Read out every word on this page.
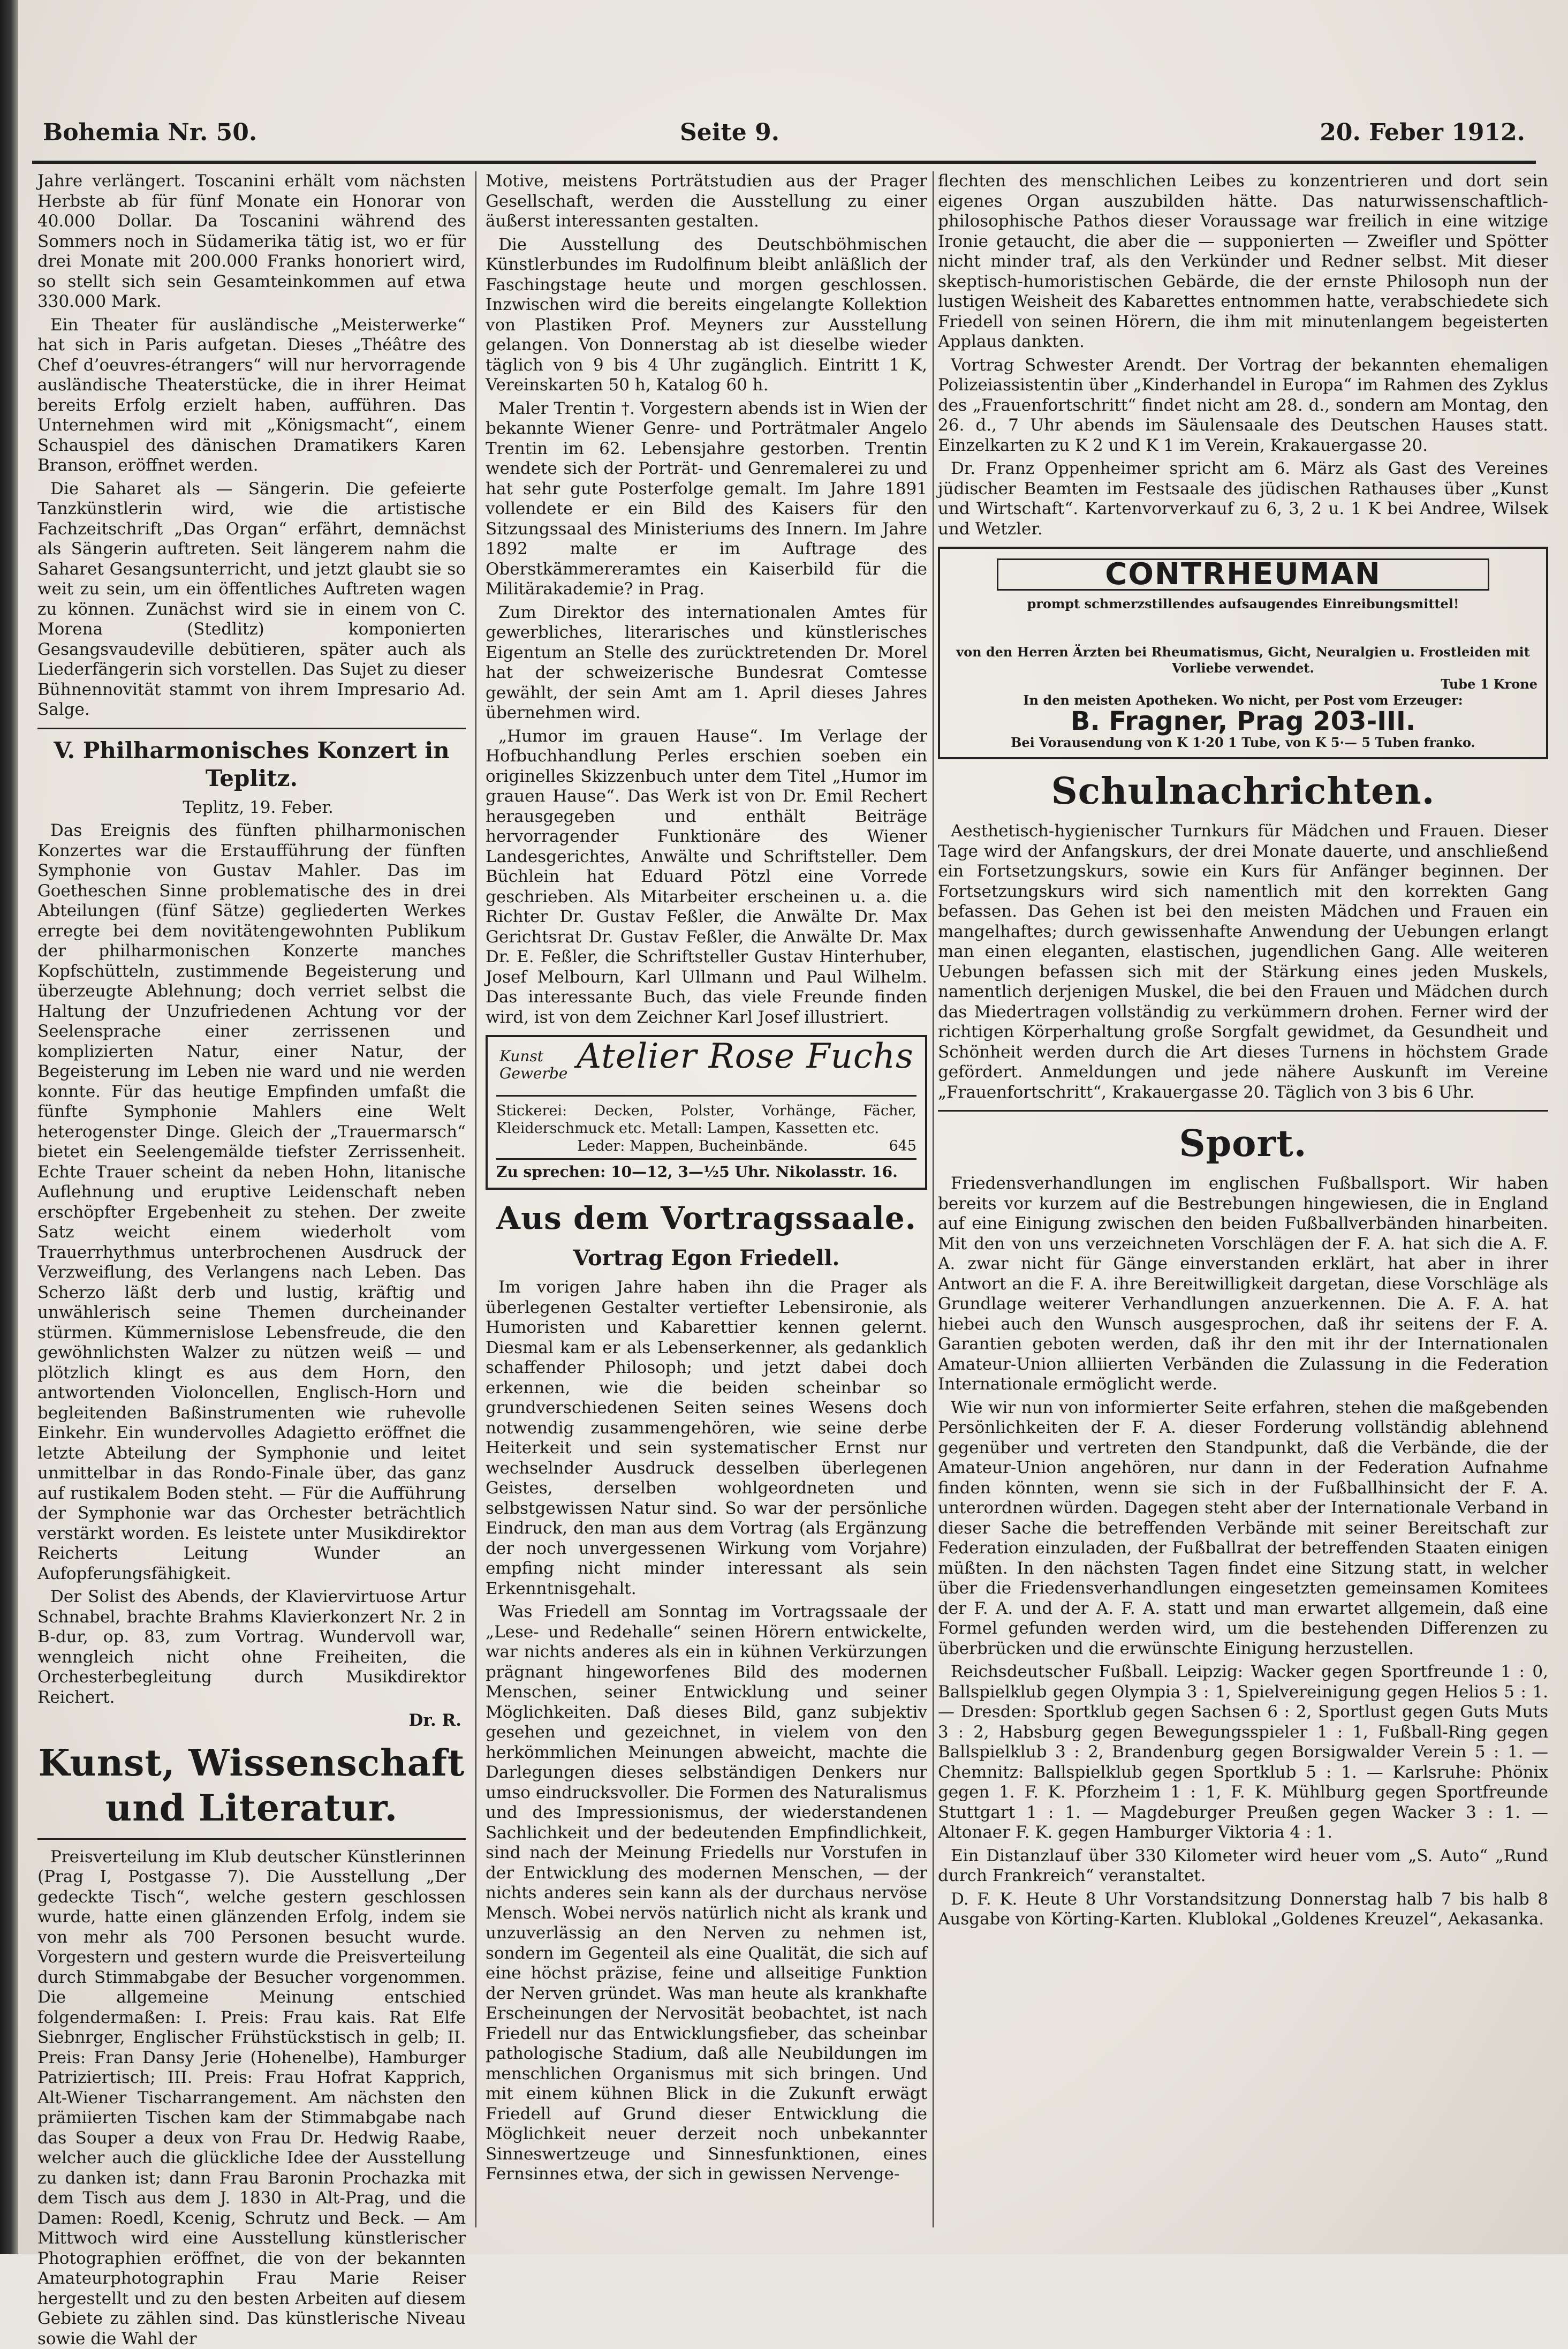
Bohemia Nr. 50.	Seite 9.	20. Feber 1912.

Jahre verlängert. Toscanini erhält vom nächsten Herbste ab für fünf Monate ein Honorar von 40.000 Dollar. Da Toscanini während des Sommers noch in Südamerika tätig ist, wo er für drei Monate mit 200.000 Franks honoriert wird, so stellt sich sein Gesamteinkommen auf etwa 330.000 Mark.

Ein Theater für ausländische „Meisterwerke“ hat sich in Paris aufgetan. Dieses „Théâtre des Chef d’oeuvres-étrangers“ will nur hervorragende ausländische Theaterstücke, die in ihrer Heimat bereits Erfolg erzielt haben, aufführen. Das Unternehmen wird mit „Königsmacht“, einem Schauspiel des dänischen Dramatikers Karen Branson, eröffnet werden.

Die Saharet als — Sängerin. Die gefeierte Tanzkünstlerin wird, wie die artistische Fachzeitschrift „Das Organ“ erfährt, demnächst als Sängerin auftreten. Seit längerem nahm die Saharet Gesangsunterricht, und jetzt glaubt sie so weit zu sein, um ein öffentliches Auftreten wagen zu können. Zunächst wird sie in einem von C. Morena (Stedlitz) komponierten Gesangsvaudeville debütieren, später auch als Liederfängerin sich vorstellen. Das Sujet zu dieser Bühnennovität stammt von ihrem Impresario Ad. Salge.

V. Philharmonisches Konzert in Teplitz.

Teplitz, 19. Feber.

Das Ereignis des fünften philharmonischen Konzertes war die Erstaufführung der fünften Symphonie von Gustav Mahler. Das im Goetheschen Sinne problematische des in drei Abteilungen (fünf Sätze) gegliederten Werkes erregte bei dem novitätengewohnten Publikum der philharmonischen Konzerte manches Kopfschütteln, zustimmende Begeisterung und überzeugte Ablehnung; doch verriet selbst die Haltung der Unzufriedenen Achtung vor der Seelensprache einer zerrissenen und komplizierten Natur, einer Natur, der Begeisterung im Leben nie ward und nie werden konnte. Für das heutige Empfinden umfaßt die fünfte Symphonie Mahlers eine Welt heterogenster Dinge. Gleich der „Trauermarsch“ bietet ein Seelengemälde tiefster Zerrissenheit. Echte Trauer scheint da neben Hohn, litanische Auflehnung und eruptive Leidenschaft neben erschöpfter Ergebenheit zu stehen. Der zweite Satz weicht einem wiederholt vom Trauerrhythmus unterbrochenen Ausdruck der Verzweiflung, des Verlangens nach Leben. Das Scherzo läßt derb und lustig, kräftig und unwählerisch seine Themen durcheinander stürmen. Kümmernislose Lebensfreude, die den gewöhnlichsten Walzer zu nützen weiß — und plötzlich klingt es aus dem Horn, den antwortenden Violoncellen, Englisch-Horn und begleitenden Baßinstrumenten wie ruhevolle Einkehr. Ein wundervolles Adagietto eröffnet die letzte Abteilung der Symphonie und leitet unmittelbar in das Rondo-Finale über, das ganz auf rustikalem Boden steht. — Für die Aufführung der Symphonie war das Orchester beträchtlich verstärkt worden. Es leistete unter Musikdirektor Reicherts Leitung Wunder an Aufopferungsfähigkeit.

Der Solist des Abends, der Klaviervirtuose Artur Schnabel, brachte Brahms Klavierkonzert Nr. 2 in B-dur, op. 83, zum Vortrag. Wundervoll war, wenngleich nicht ohne Freiheiten, die Orchesterbegleitung durch Musikdirektor Reichert.

Dr. R.
Kunst, Wissenschaft und Literatur.

Preisverteilung im Klub deutscher Künstlerinnen (Prag I, Postgasse 7). Die Ausstellung „Der gedeckte Tisch“, welche gestern geschlossen wurde, hatte einen glänzenden Erfolg, indem sie von mehr als 700 Personen besucht wurde. Vorgestern und gestern wurde die Preisverteilung durch Stimmabgabe der Besucher vorgenommen. Die allgemeine Meinung entschied folgendermaßen: I. Preis: Frau kais. Rat Elfe Siebnrger, Englischer Frühstückstisch in gelb; II. Preis: Fran Dansy Jerie (Hohenelbe), Hamburger Patriziertisch; III. Preis: Frau Hofrat Kapprich, Alt-Wiener Tischarrangement. Am nächsten den prämiierten Tischen kam der Stimmabgabe nach das Souper a deux von Frau Dr. Hedwig Raabe, welcher auch die glückliche Idee der Ausstellung zu danken ist; dann Frau Baronin Prochazka mit dem Tisch aus dem J. 1830 in Alt-Prag, und die Damen: Roedl, Kcenig, Schrutz und Beck. — Am Mittwoch wird eine Ausstellung künstlerischer Photographien eröffnet, die von der bekannten Amateurphotographin Frau Marie Reiser hergestellt und zu den besten Arbeiten auf diesem Gebiete zu zählen sind. Das künstlerische Niveau sowie die Wahl der

Motive, meistens Porträtstudien aus der Prager Gesellschaft, werden die Ausstellung zu einer äußerst interessanten gestalten.

Die Ausstellung des Deutschböhmischen Künstlerbundes im Rudolfinum bleibt anläßlich der Faschingstage heute und morgen geschlossen. Inzwischen wird die bereits eingelangte Kollektion von Plastiken Prof. Meyners zur Ausstellung gelangen. Von Donnerstag ab ist dieselbe wieder täglich von 9 bis 4 Uhr zugänglich. Eintritt 1 K, Vereinskarten 50 h, Katalog 60 h.

Maler Trentin †. Vorgestern abends ist in Wien der bekannte Wiener Genre- und Porträtmaler Angelo Trentin im 62. Lebensjahre gestorben. Trentin wendete sich der Porträt- und Genremalerei zu und hat sehr gute Posterfolge gemalt. Im Jahre 1891 vollendete er ein Bild des Kaisers für den Sitzungssaal des Ministeriums des Innern. Im Jahre 1892 malte er im Auftrage des Oberstkämmereramtes ein Kaiserbild für die Militärakademie? in Prag.

Zum Direktor des internationalen Amtes für gewerbliches, literarisches und künstlerisches Eigentum an Stelle des zurücktretenden Dr. Morel hat der schweizerische Bundesrat Comtesse gewählt, der sein Amt am 1. April dieses Jahres übernehmen wird.

„Humor im grauen Hause“. Im Verlage der Hofbuchhandlung Perles erschien soeben ein originelles Skizzenbuch unter dem Titel „Humor im grauen Hause“. Das Werk ist von Dr. Emil Rechert herausgegeben und enthält Beiträge hervorragender Funktionäre des Wiener Landesgerichtes, Anwälte und Schriftsteller. Dem Büchlein hat Eduard Pötzl eine Vorrede geschrieben. Als Mitarbeiter erscheinen u. a. die Richter Dr. Gustav Feßler, die Anwälte Dr. Max Gerichtsrat Dr. Gustav Feßler, die Anwälte Dr. Max Dr. E. Feßler, die Schriftsteller Gustav Hinterhuber, Josef Melbourn, Karl Ullmann und Paul Wilhelm. Das interessante Buch, das viele Freunde finden wird, ist von dem Zeichner Karl Josef illustriert.

Kunst
Gewerbe Atelier Rose Fuchs
Stickerei: Decken, Polster, Vorhänge, Fächer, Kleiderschmuck etc. Metall: Lampen, Kassetten etc.
Leder: Mappen, Bucheinbände.	645
Zu sprechen: 10—12, 3—½5 Uhr. Nikolasstr. 16.
Aus dem Vortragssaale.
Vortrag Egon Friedell.

Im vorigen Jahre haben ihn die Prager als überlegenen Gestalter vertiefter Lebensironie, als Humoristen und Kabarettier kennen gelernt. Diesmal kam er als Lebenserkenner, als gedanklich schaffender Philosoph; und jetzt dabei doch erkennen, wie die beiden scheinbar so grundverschiedenen Seiten seines Wesens doch notwendig zusammengehören, wie seine derbe Heiterkeit und sein systematischer Ernst nur wechselnder Ausdruck desselben überlegenen Geistes, derselben wohlgeordneten und selbstgewissen Natur sind. So war der persönliche Eindruck, den man aus dem Vortrag (als Ergänzung der noch unvergessenen Wirkung vom Vorjahre) empfing nicht minder interessant als sein Erkenntnisgehalt.

Was Friedell am Sonntag im Vortragssaale der „Lese- und Redehalle“ seinen Hörern entwickelte, war nichts anderes als ein in kühnen Verkürzungen prägnant hingeworfenes Bild des modernen Menschen, seiner Entwicklung und seiner Möglichkeiten. Daß dieses Bild, ganz subjektiv gesehen und gezeichnet, in vielem von den herkömmlichen Meinungen abweicht, machte die Darlegungen dieses selbständigen Denkers nur umso eindrucksvoller. Die Formen des Naturalismus und des Impressionismus, der wiederstandenen Sachlichkeit und der bedeutenden Empfindlichkeit, sind nach der Meinung Friedells nur Vorstufen in der Entwicklung des modernen Menschen, — der nichts anderes sein kann als der durchaus nervöse Mensch. Wobei nervös natürlich nicht als krank und unzuverlässig an den Nerven zu nehmen ist, sondern im Gegenteil als eine Qualität, die sich auf eine höchst präzise, feine und allseitige Funktion der Nerven gründet. Was man heute als krankhafte Erscheinungen der Nervosität beobachtet, ist nach Friedell nur das Entwicklungsfieber, das scheinbar pathologische Stadium, daß alle Neubildungen im menschlichen Organismus mit sich bringen. Und mit einem kühnen Blick in die Zukunft erwägt Friedell auf Grund dieser Entwicklung die Möglichkeit neuer derzeit noch unbekannter Sinneswertzeuge und Sinnesfunktionen, eines Fernsinnes etwa, der sich in gewissen Nervenge-

flechten des menschlichen Leibes zu konzentrieren und dort sein eigenes Organ auszubilden hätte. Das naturwissenschaftlich-philosophische Pathos dieser Voraussage war freilich in eine witzige Ironie getaucht, die aber die — supponierten — Zweifler und Spötter nicht minder traf, als den Verkünder und Redner selbst. Mit dieser skeptisch-humoristischen Gebärde, die der ernste Philosoph nun der lustigen Weisheit des Kabarettes entnommen hatte, verabschiedete sich Friedell von seinen Hörern, die ihm mit minutenlangem begeisterten Applaus dankten.

Vortrag Schwester Arendt. Der Vortrag der bekannten ehemaligen Polizeiassistentin über „Kinderhandel in Europa“ im Rahmen des Zyklus des „Frauenfortschritt“ findet nicht am 28. d., sondern am Montag, den 26. d., 7 Uhr abends im Säulensaale des Deutschen Hauses statt. Einzelkarten zu K 2 und K 1 im Verein, Krakauergasse 20.

Dr. Franz Oppenheimer spricht am 6. März als Gast des Vereines jüdischer Beamten im Festsaale des jüdischen Rathauses über „Kunst und Wirtschaft“. Kartenvorverkauf zu 6, 3, 2 u. 1 K bei Andree, Wilsek und Wetzler.

CONTRHEUMAN
prompt schmerzstillendes aufsaugendes Einreibungsmittel!
von den Herren Ärzten bei Rheumatismus, Gicht, Neuralgien u. Frostleiden mit Vorliebe verwendet.
Tube 1 Krone
In den meisten Apotheken. Wo nicht, per Post vom Erzeuger:
B. Fragner, Prag 203-III.
Bei Vorausendung von K 1·20 1 Tube, von K 5·— 5 Tuben franko.
Schulnachrichten.

Aesthetisch-hygienischer Turnkurs für Mädchen und Frauen. Dieser Tage wird der Anfangskurs, der drei Monate dauerte, und anschließend ein Fortsetzungskurs, sowie ein Kurs für Anfänger beginnen. Der Fortsetzungskurs wird sich namentlich mit den korrekten Gang befassen. Das Gehen ist bei den meisten Mädchen und Frauen ein mangelhaftes; durch gewissenhafte Anwendung der Uebungen erlangt man einen eleganten, elastischen, jugendlichen Gang. Alle weiteren Uebungen befassen sich mit der Stärkung eines jeden Muskels, namentlich derjenigen Muskel, die bei den Frauen und Mädchen durch das Miedertragen vollständig zu verkümmern drohen. Ferner wird der richtigen Körperhaltung große Sorgfalt gewidmet, da Gesundheit und Schönheit werden durch die Art dieses Turnens in höchstem Grade gefördert. Anmeldungen und jede nähere Auskunft im Vereine „Frauenfortschritt“, Krakauergasse 20. Täglich von 3 bis 6 Uhr.

Sport.

Friedensverhandlungen im englischen Fußballsport. Wir haben bereits vor kurzem auf die Bestrebungen hingewiesen, die in England auf eine Einigung zwischen den beiden Fußballverbänden hinarbeiten. Mit den von uns verzeichneten Vorschlägen der F. A. hat sich die A. F. A. zwar nicht für Gänge einverstanden erklärt, hat aber in ihrer Antwort an die F. A. ihre Bereitwilligkeit dargetan, diese Vorschläge als Grundlage weiterer Verhandlungen anzuerkennen. Die A. F. A. hat hiebei auch den Wunsch ausgesprochen, daß ihr seitens der F. A. Garantien geboten werden, daß ihr den mit ihr der Internationalen Amateur-Union alliierten Verbänden die Zulassung in die Federation Internationale ermöglicht werde.

Wie wir nun von informierter Seite erfahren, stehen die maßgebenden Persönlichkeiten der F. A. dieser Forderung vollständig ablehnend gegenüber und vertreten den Standpunkt, daß die Verbände, die der Amateur-Union angehören, nur dann in der Federation Aufnahme finden könnten, wenn sie sich in der Fußballhinsicht der F. A. unterordnen würden. Dagegen steht aber der Internationale Verband in dieser Sache die betreffenden Verbände mit seiner Bereitschaft zur Federation einzuladen, der Fußballrat der betreffenden Staaten einigen müßten. In den nächsten Tagen findet eine Sitzung statt, in welcher über die Friedensverhandlungen eingesetzten gemeinsamen Komitees der F. A. und der A. F. A. statt und man erwartet allgemein, daß eine Formel gefunden werden wird, um die bestehenden Differenzen zu überbrücken und die erwünschte Einigung herzustellen.

Reichsdeutscher Fußball. Leipzig: Wacker gegen Sportfreunde 1 : 0, Ballspielklub gegen Olympia 3 : 1, Spielvereinigung gegen Helios 5 : 1. — Dresden: Sportklub gegen Sachsen 6 : 2, Sportlust gegen Guts Muts 3 : 2, Habsburg gegen Bewegungsspieler 1 : 1, Fußball-Ring gegen Ballspielklub 3 : 2, Brandenburg gegen Borsigwalder Verein 5 : 1. — Chemnitz: Ballspielklub gegen Sportklub 5 : 1. — Karlsruhe: Phönix gegen 1. F. K. Pforzheim 1 : 1, F. K. Mühlburg gegen Sportfreunde Stuttgart 1 : 1. — Magdeburger Preußen gegen Wacker 3 : 1. — Altonaer F. K. gegen Hamburger Viktoria 4 : 1.

Ein Distanzlauf über 330 Kilometer wird heuer vom „S. Auto“ „Rund durch Frankreich“ veranstaltet.

D. F. K. Heute 8 Uhr Vorstandsitzung Donnerstag halb 7 bis halb 8 Ausgabe von Körting-Karten. Klublokal „Goldenes Kreuzel“, Aekasanka.
